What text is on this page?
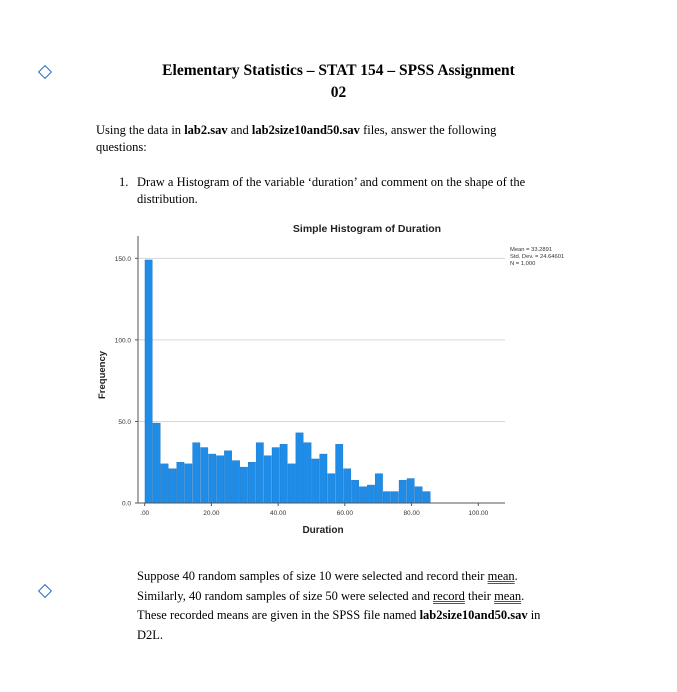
Elementary Statistics – STAT 154 – SPSS Assignment
02
Using the data in lab2.sav and lab2size10and50.sav files, answer the following
questions:
1. Draw a Histogram of the variable ‘duration’ and comment on the shape of the
distribution.
Simple Histogram of Duration
Frequency
Duration
0.0
50.0
100.0
150.0
.00	20.00	40.00	60.00	80.00	100.00
Mean = 33.2891
Std. Dev. = 24.64601
N = 1,000
Suppose 40 random samples of size 10 were selected and record their mean.
Similarly, 40 random samples of size 50 were selected and record their mean.
These recorded means are given in the SPSS file named lab2size10and50.sav in
D2L.
